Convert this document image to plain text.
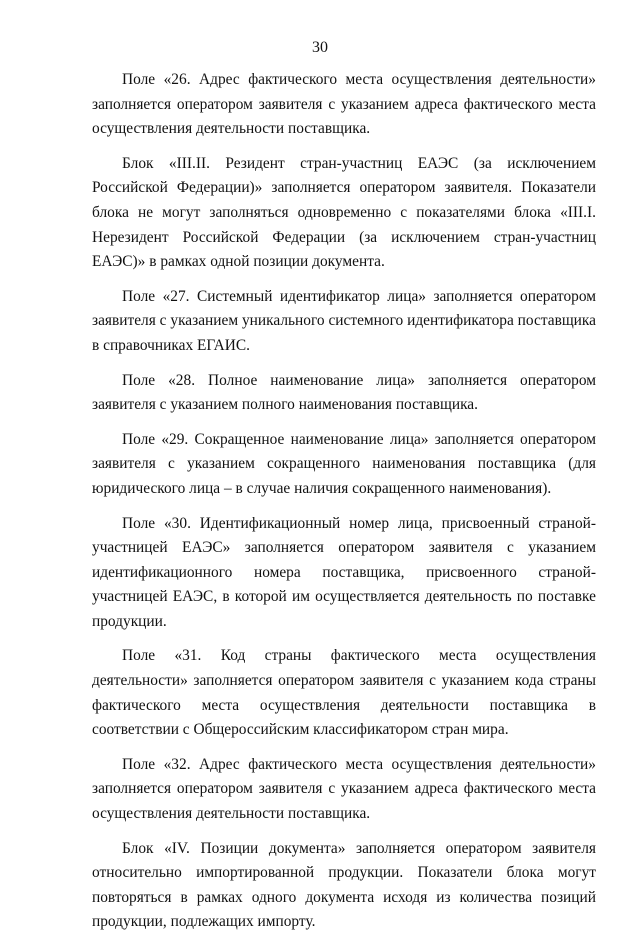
30

Поле «26. Адрес фактического места осуществления деятельности» заполняется оператором заявителя с указанием адреса фактического места осуществления деятельности поставщика.

Блок «III.II. Резидент стран-участниц ЕАЭС (за исключением Российской Федерации)» заполняется оператором заявителя. Показатели блока не могут заполняться одновременно с показателями блока «III.I. Нерезидент Российской Федерации (за исключением стран-участниц ЕАЭС)» в рамках одной позиции документа.

Поле «27. Системный идентификатор лица» заполняется оператором заявителя с указанием уникального системного идентификатора поставщика в справочниках ЕГАИС.

Поле «28. Полное наименование лица» заполняется оператором заявителя с указанием полного наименования поставщика.

Поле «29. Сокращенное наименование лица» заполняется оператором заявителя с указанием сокращенного наименования поставщика (для юридического лица – в случае наличия сокращенного наименования).

Поле «30. Идентификационный номер лица, присвоенный страной-участницей ЕАЭС» заполняется оператором заявителя с указанием идентификационного номера поставщика, присвоенного страной-участницей ЕАЭС, в которой им осуществляется деятельность по поставке продукции.

Поле «31. Код страны фактического места осуществления деятельности» заполняется оператором заявителя с указанием кода страны фактического места осуществления деятельности поставщика в соответствии с Общероссийским классификатором стран мира.

Поле «32. Адрес фактического места осуществления деятельности» заполняется оператором заявителя с указанием адреса фактического места осуществления деятельности поставщика.

Блок «IV. Позиции документа» заполняется оператором заявителя относительно импортированной продукции. Показатели блока могут повторяться в рамках одного документа исходя из количества позиций продукции, подлежащих импорту.
